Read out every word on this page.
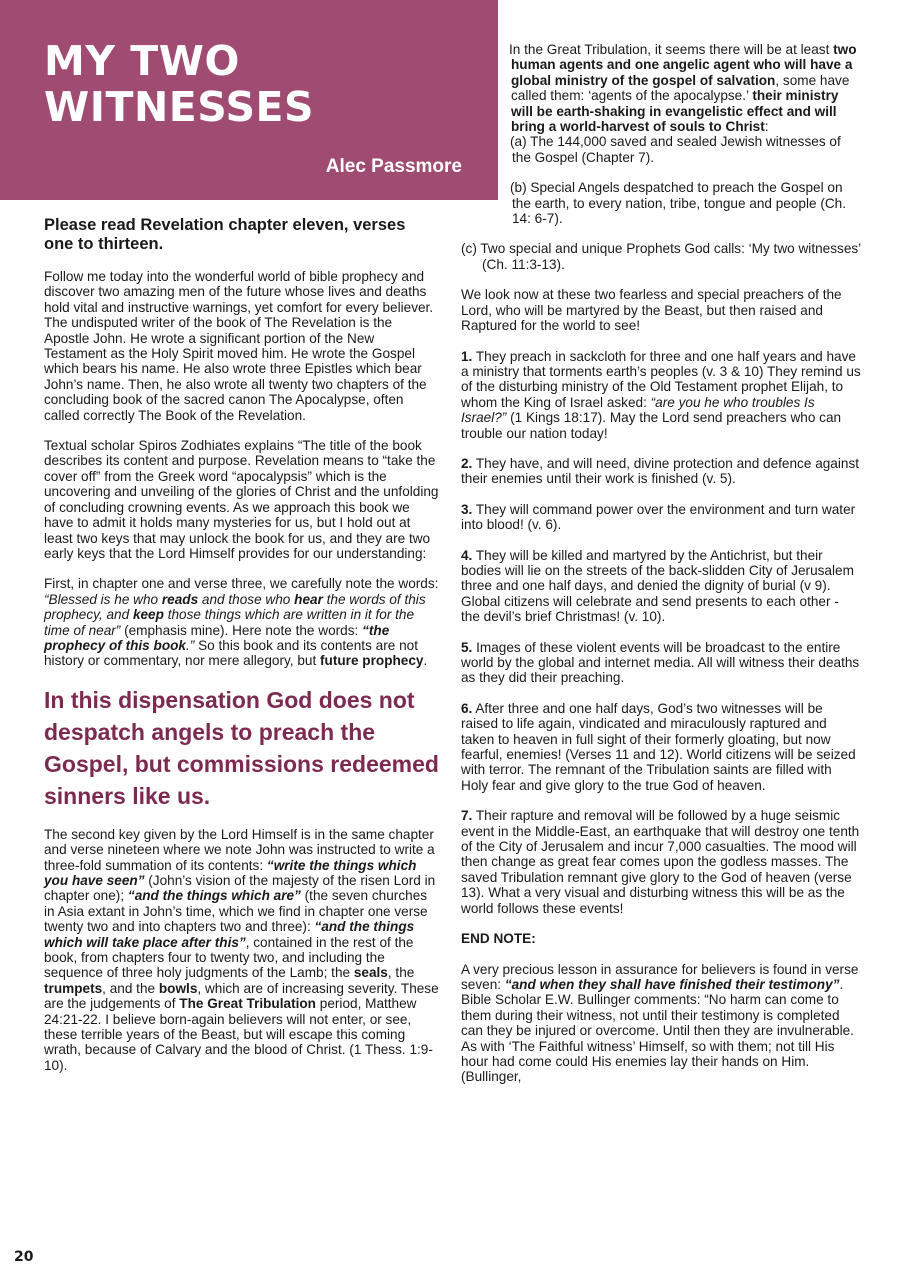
MY TWO
WITNESSES
Alec Passmore

Please read Revelation chapter eleven, verses one to thirteen.

Follow me today into the wonderful world of bible prophecy and discover two amazing men of the future whose lives and deaths hold vital and instructive warnings, yet comfort for every believer. The undisputed writer of the book of The Revelation is the Apostle John. He wrote a significant portion of the New Testament as the Holy Spirit moved him. He wrote the Gospel which bears his name. He also wrote three Epistles which bear John’s name. Then, he also wrote all twenty two chapters of the concluding book of the sacred canon The Apocalypse, often called correctly The Book of the Revelation.

Textual scholar Spiros Zodhiates explains “The title of the book describes its content and purpose. Revelation means to “take the cover off” from the Greek word “apocalypsis” which is the uncovering and unveiling of the glories of Christ and the unfolding of concluding crowning events. As we approach this book we have to admit it holds many mysteries for us, but I hold out at least two keys that may unlock the book for us, and they are two early keys that the Lord Himself provides for our understanding:

First, in chapter one and verse three, we carefully note the words: “Blessed is he who reads and those who hear the words of this prophecy, and keep those things which are written in it for the time of near” (emphasis mine). Here note the words: “the prophecy of this book.” So this book and its contents are not history or commentary, nor mere allegory, but future prophecy.

In this dispensation God does not despatch angels to preach the Gospel, but commissions redeemed sinners like us.

The second key given by the Lord Himself is in the same chapter and verse nineteen where we note John was instructed to write a three-fold summation of its contents: “write the things which you have seen” (John’s vision of the majesty of the risen Lord in chapter one); “and the things which are” (the seven churches in Asia extant in John’s time, which we find in chapter one verse twenty two and into chapters two and three): “and the things which will take place after this”, contained in the rest of the book, from chapters four to twenty two, and including the sequence of three holy judgments of the Lamb; the seals, the trumpets, and the bowls, which are of increasing severity. These are the judgements of The Great Tribulation period, Matthew 24:21-22. I believe born-again believers will not enter, or see, these terrible years of the Beast, but will escape this coming wrath, because of Calvary and the blood of Christ. (1 Thess. 1:9-10).

In the Great Tribulation, it seems there will be at least two human agents and one angelic agent who will have a global ministry of the gospel of salvation, some have called them: ‘agents of the apocalypse.’ their ministry will be earth-shaking in evangelistic effect and will bring a world-harvest of souls to Christ:

(a) The 144,000 saved and sealed Jewish witnesses of the Gospel (Chapter 7).

(b) Special Angels despatched to preach the Gospel on the earth, to every nation, tribe, tongue and people (Ch. 14: 6-7).

(c) Two special and unique Prophets God calls: ‘My two witnesses’ (Ch. 11:3-13).

We look now at these two fearless and special preachers of the Lord, who will be martyred by the Beast, but then raised and Raptured for the world to see!

1. They preach in sackcloth for three and one half years and have a ministry that torments earth’s peoples (v. 3 & 10) They remind us of the disturbing ministry of the Old Testament prophet Elijah, to whom the King of Israel asked: “are you he who troubles Is Israel?” (1 Kings 18:17). May the Lord send preachers who can trouble our nation today!

2. They have, and will need, divine protection and defence against their enemies until their work is finished (v. 5).

3. They will command power over the environment and turn water into blood! (v. 6).

4. They will be killed and martyred by the Antichrist, but their bodies will lie on the streets of the back-slidden City of Jerusalem three and one half days, and denied the dignity of burial (v 9). Global citizens will celebrate and send presents to each other - the devil’s brief Christmas! (v. 10).

5. Images of these violent events will be broadcast to the entire world by the global and internet media. All will witness their deaths as they did their preaching.

6. After three and one half days, God’s two witnesses will be raised to life again, vindicated and miraculously raptured and taken to heaven in full sight of their formerly gloating, but now fearful, enemies! (Verses 11 and 12). World citizens will be seized with terror. The remnant of the Tribulation saints are filled with Holy fear and give glory to the true God of heaven.

7. Their rapture and removal will be followed by a huge seismic event in the Middle-East, an earthquake that will destroy one tenth of the City of Jerusalem and incur 7,000 casualties. The mood will then change as great fear comes upon the godless masses. The saved Tribulation remnant give glory to the God of heaven (verse 13). What a very visual and disturbing witness this will be as the world follows these events!

END NOTE:

A very precious lesson in assurance for believers is found in verse seven: “and when they shall have finished their testimony”. Bible Scholar E.W. Bullinger comments: “No harm can come to them during their witness, not until their testimony is completed can they be injured or overcome. Until then they are invulnerable. As with ‘The Faithful witness’ Himself, so with them; not till His hour had come could His enemies lay their hands on Him. (Bullinger,

20
